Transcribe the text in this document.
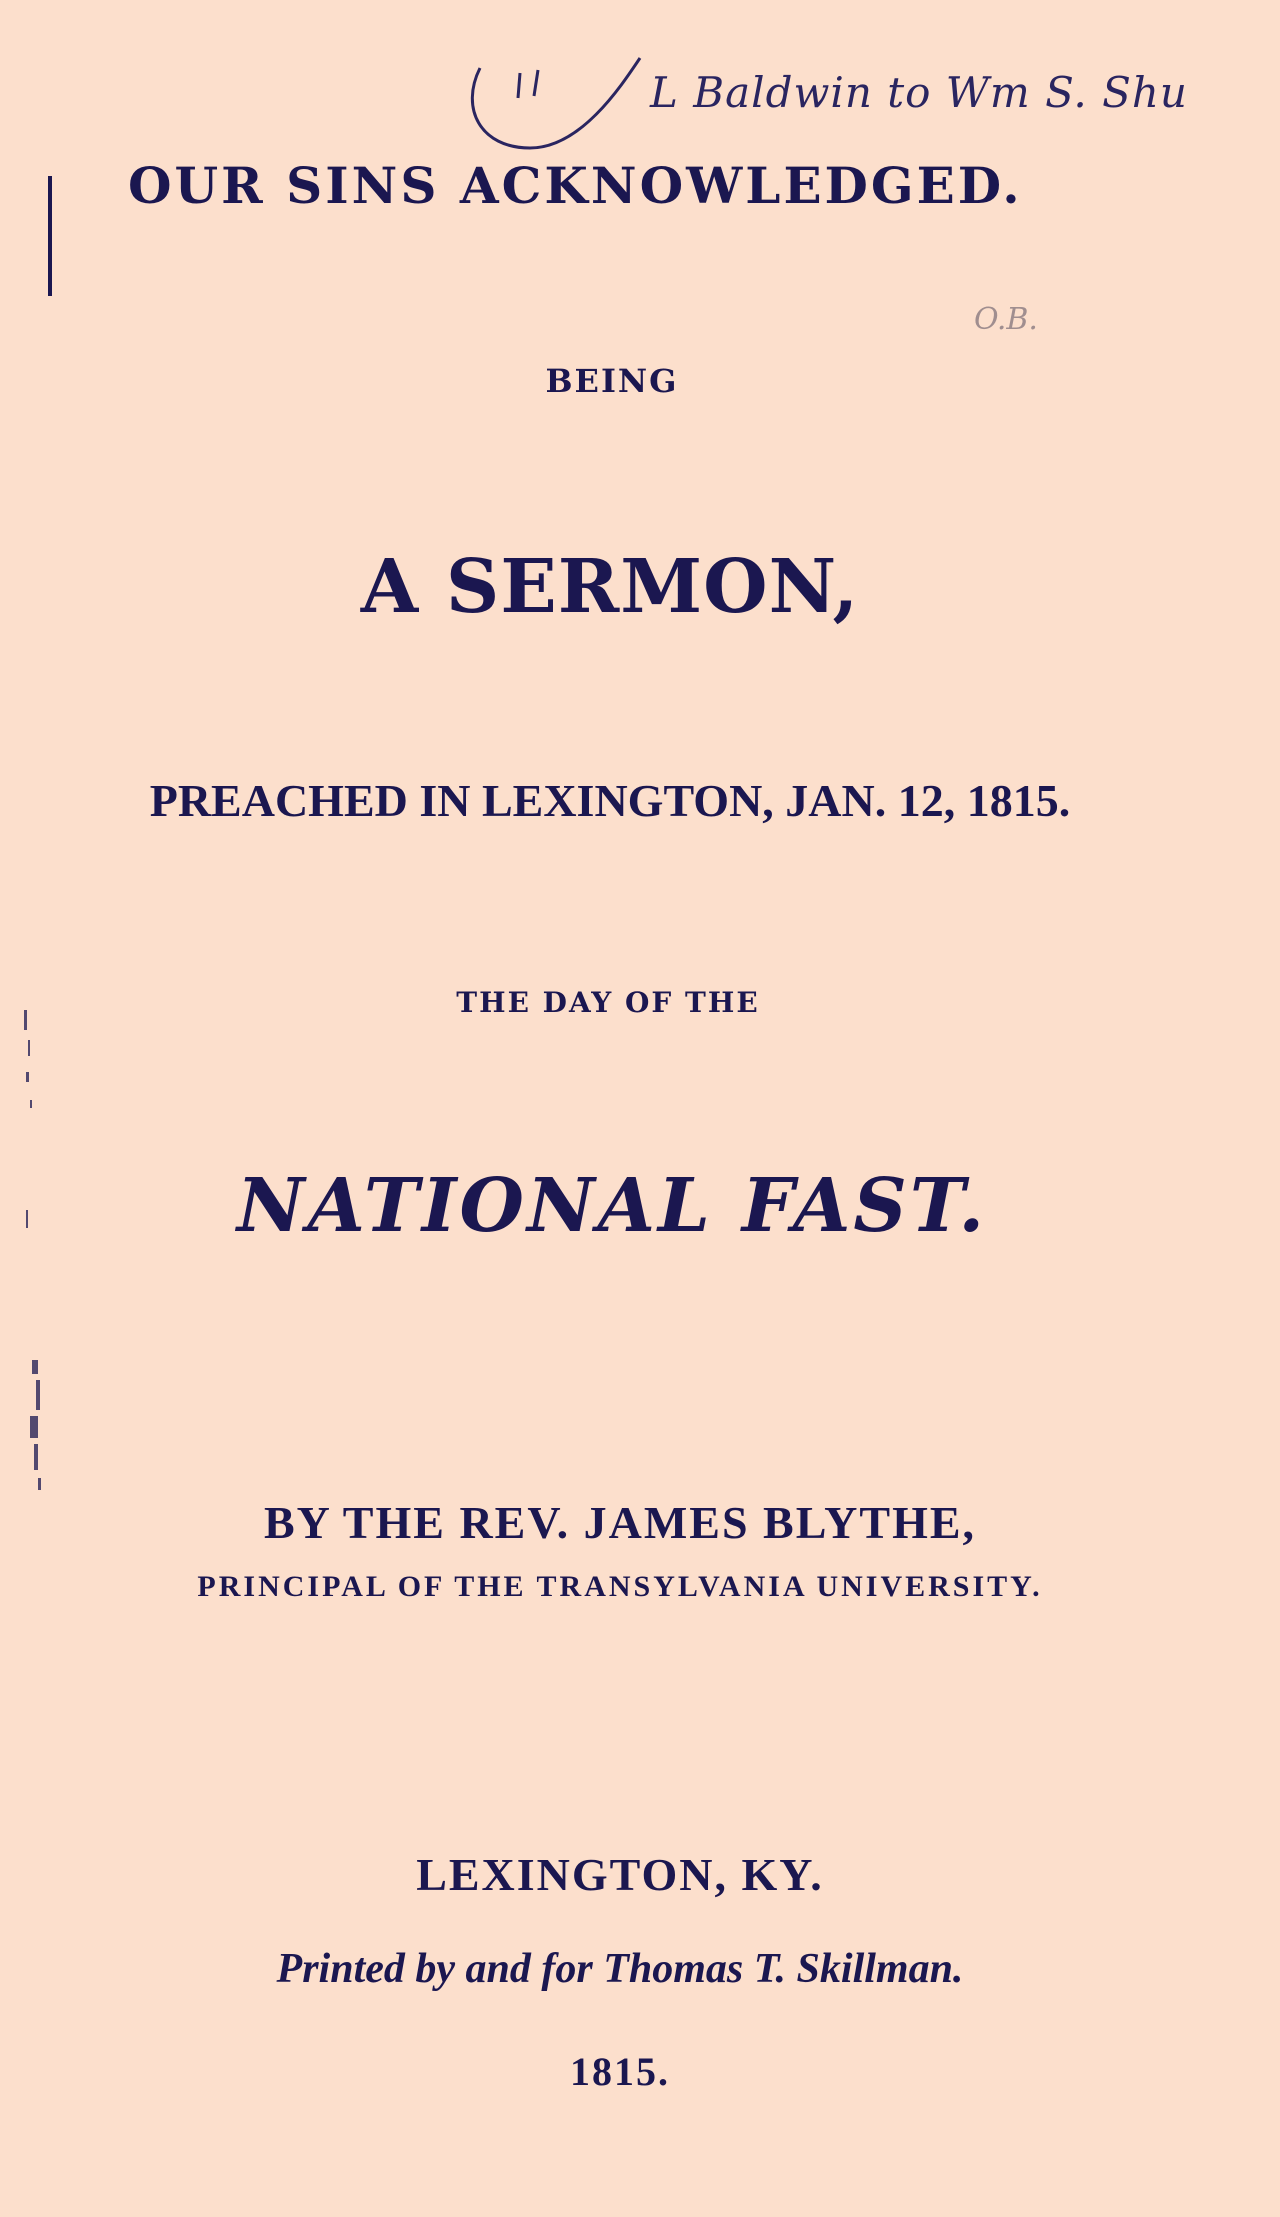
L Baldwin to Wm S. Shu
O.B.
OUR SINS ACKNOWLEDGED.
BEING
A SERMON,
PREACHED IN LEXINGTON, JAN. 12, 1815.
THE DAY OF THE
NATIONAL FAST.
BY THE REV. JAMES BLYTHE,
PRINCIPAL OF THE TRANSYLVANIA UNIVERSITY.
LEXINGTON, KY.
Printed by and for Thomas T. Skillman.
1815.
